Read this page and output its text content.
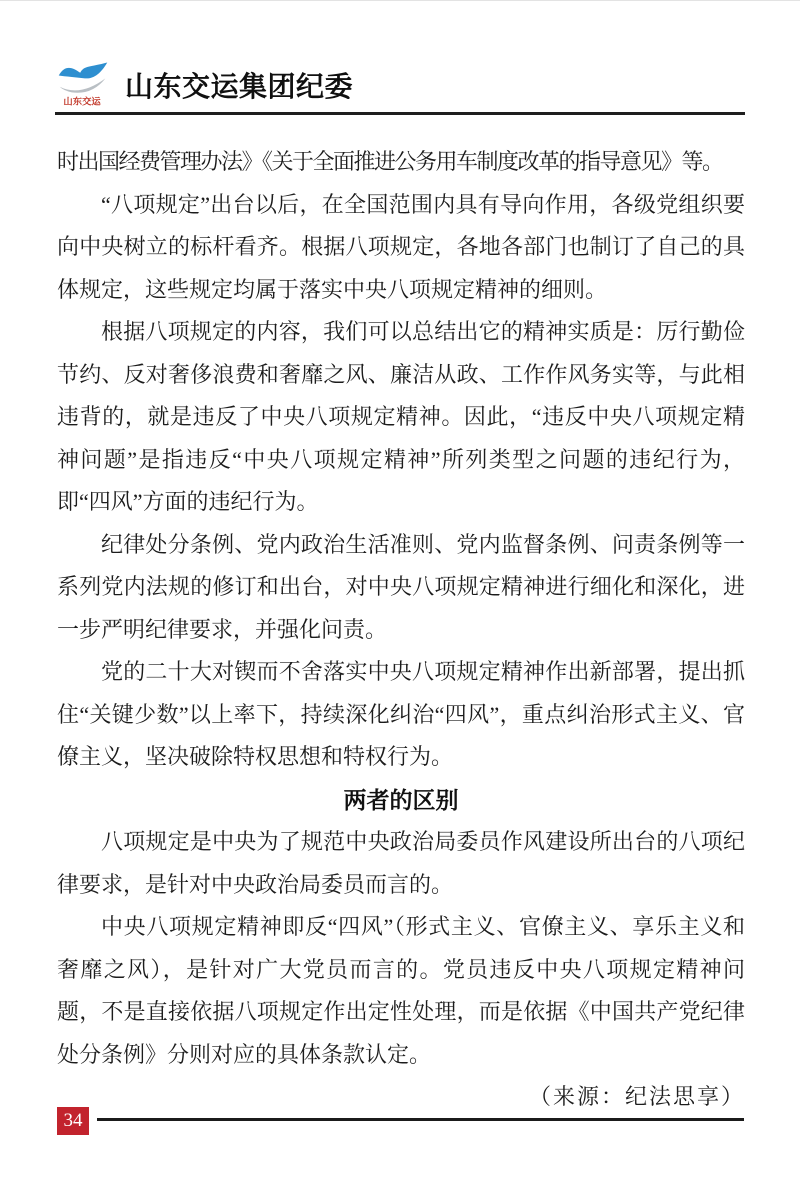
山东交运 山东交运集团纪委

时出国经费管理办法》《关于全面推进公务用车制度改革的指导意见》等。

“八项规定”出台以后，在全国范围内具有导向作用，各级党组织要向中央树立的标杆看齐。根据八项规定，各地各部门也制订了自己的具体规定，这些规定均属于落实中央八项规定精神的细则。

根据八项规定的内容，我们可以总结出它的精神实质是：厉行勤俭节约、反对奢侈浪费和奢靡之风、廉洁从政、工作作风务实等，与此相违背的，就是违反了中央八项规定精神。因此，“违反中央八项规定精神问题”是指违反“中央八项规定精神”所列类型之问题的违纪行为，即“四风”方面的违纪行为。

纪律处分条例、党内政治生活准则、党内监督条例、问责条例等一系列党内法规的修订和出台，对中央八项规定精神进行细化和深化，进一步严明纪律要求，并强化问责。

党的二十大对锲而不舍落实中央八项规定精神作出新部署，提出抓住“关键少数”以上率下，持续深化纠治“四风”，重点纠治形式主义、官僚主义，坚决破除特权思想和特权行为。

两者的区别

八项规定是中央为了规范中央政治局委员作风建设所出台的八项纪律要求，是针对中央政治局委员而言的。

中央八项规定精神即反“四风”（形式主义、官僚主义、享乐主义和奢靡之风），是针对广大党员而言的。党员违反中央八项规定精神问题，不是直接依据八项规定作出定性处理，而是依据《中国共产党纪律处分条例》分则对应的具体条款认定。

（来源：纪法思享）

34
